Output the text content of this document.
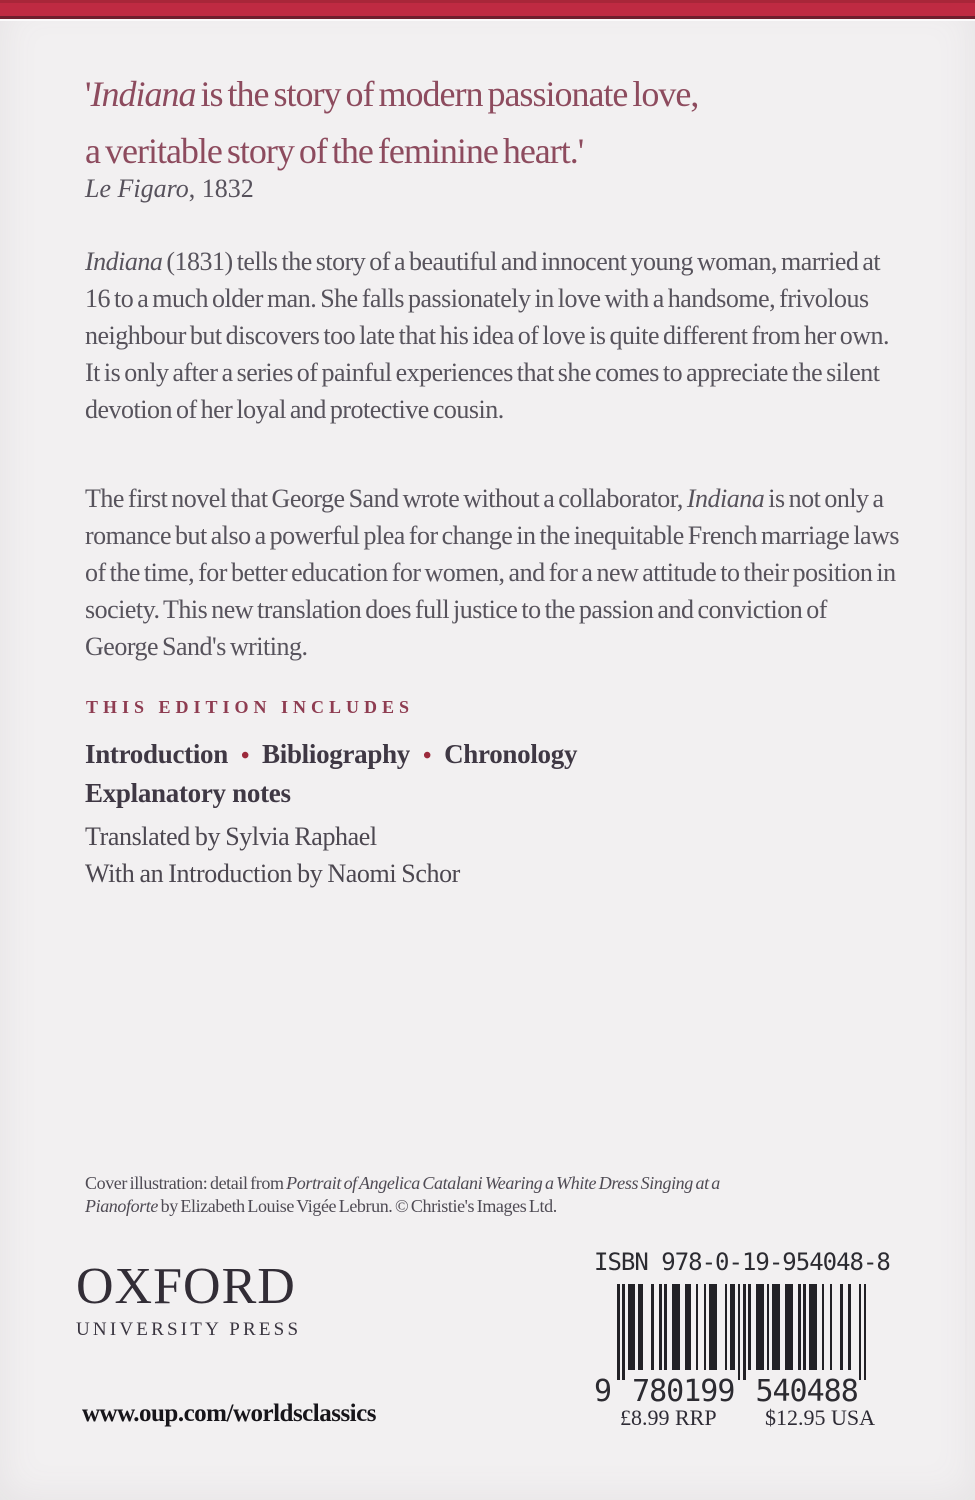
'Indiana is the story of modern passionate love,
a veritable story of the feminine heart.'
Le Figaro, 1832
Indiana (1831) tells the story of a beautiful and innocent young woman, married at 16 to a much older man. She falls passionately in love with a handsome, frivolous neighbour but discovers too late that his idea of love is quite different from her own. It is only after a series of painful experiences that she comes to appreciate the silent devotion of her loyal and protective cousin.
The first novel that George Sand wrote without a collaborator, Indiana is not only a romance but also a powerful plea for change in the inequitable French marriage laws of the time, for better education for women, and for a new attitude to their position in society. This new translation does full justice to the passion and conviction of George Sand's writing.
THIS EDITION INCLUDES
Introduction • Bibliography • Chronology
Explanatory notes
Translated by Sylvia Raphael
With an Introduction by Naomi Schor
Cover illustration: detail from Portrait of Angelica Catalani Wearing a White Dress Singing at a Pianoforte by Elizabeth Louise Vigée Lebrun. © Christie's Images Ltd.
OXFORD
UNIVERSITY PRESS
ISBN 978-0-19-954048-8
9 780199 540488
www.oup.com/worldsclassics	£8.99 RRP $12.95 USA
